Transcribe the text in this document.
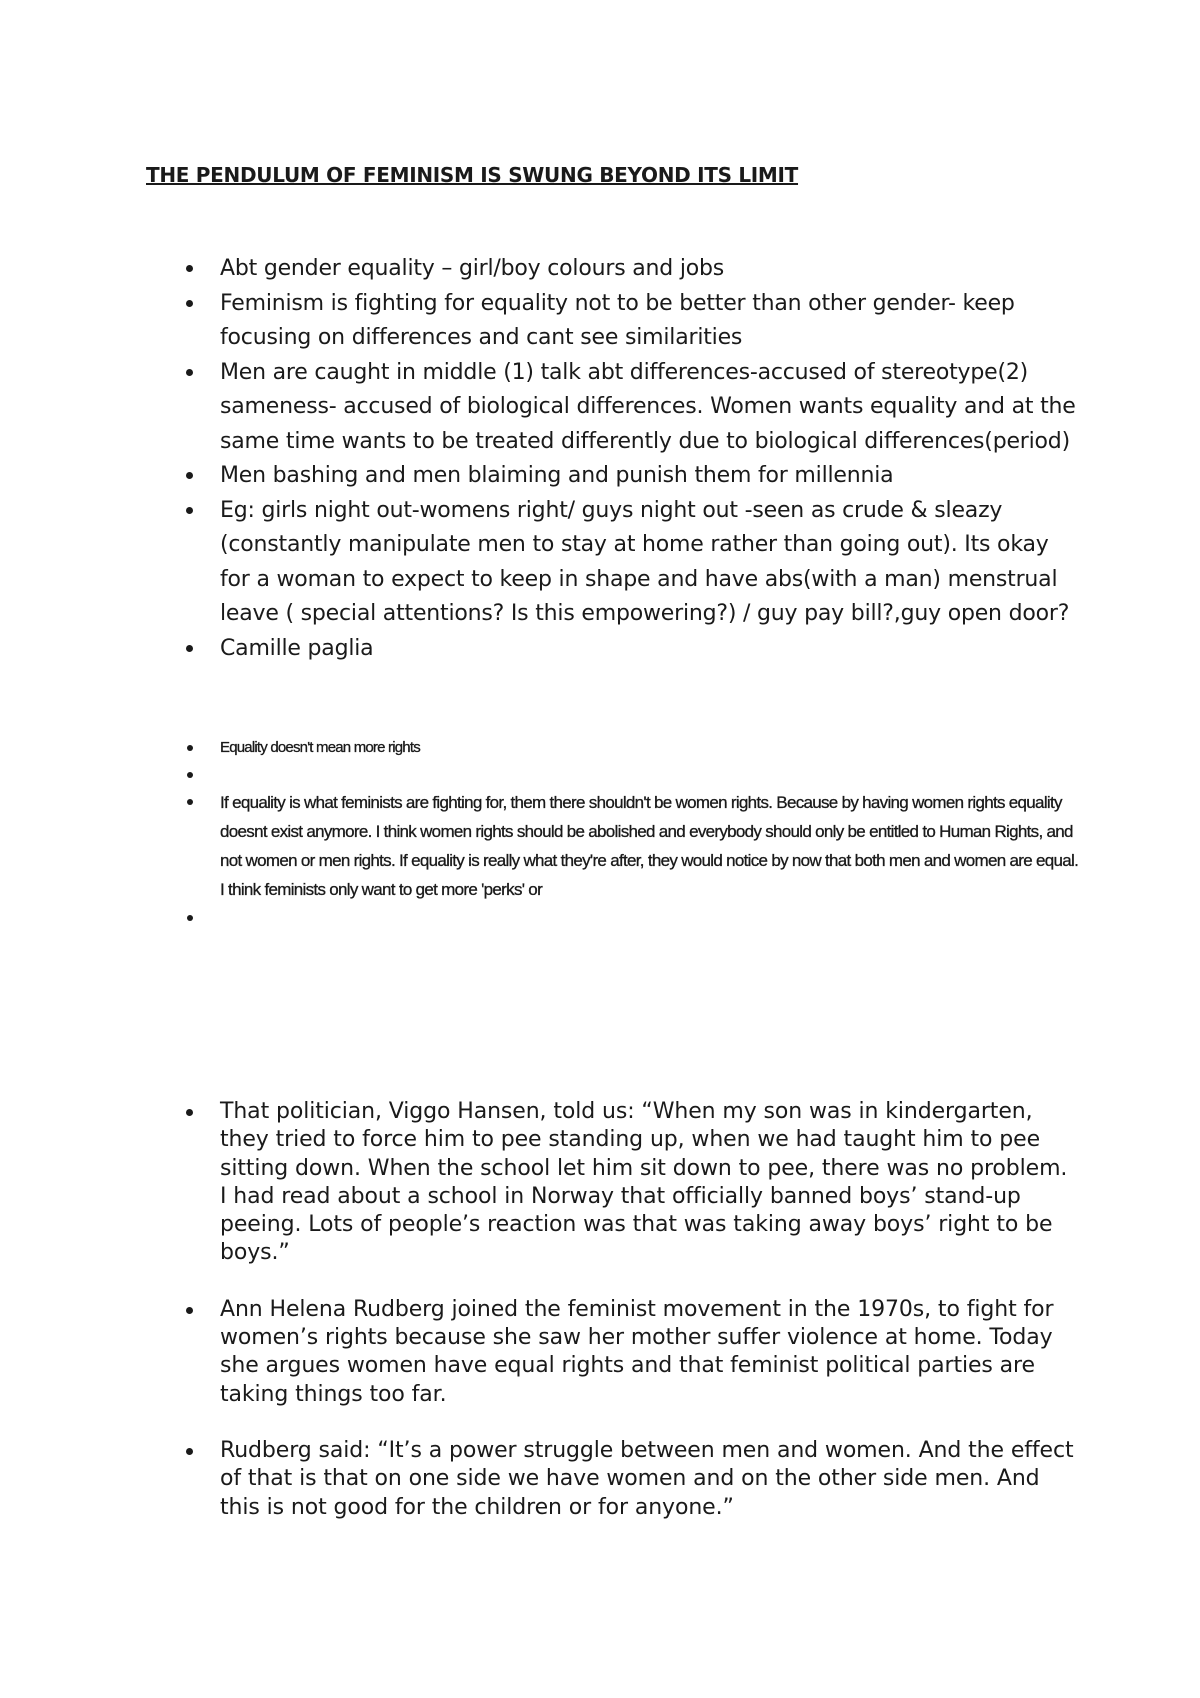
THE PENDULUM OF FEMINISM IS SWUNG BEYOND ITS LIMIT
Abt gender equality – girl/boy colours and jobs
Feminism is fighting for equality not to be better than other gender- keep focusing on differences and cant see similarities
Men are caught in middle (1) talk abt differences-accused of stereotype(2) sameness- accused of biological differences. Women wants equality and at the same time wants to be treated differently due to biological differences(period)
Men bashing and men blaiming and punish them for millennia
Eg: girls night out-womens right/ guys night out -seen as crude & sleazy (constantly manipulate men to stay at home rather than going out). Its okay for a woman to expect to keep in shape and have abs(with a man) menstrual leave ( special attentions? Is this empowering?) / guy pay bill?,guy open door?
Camille paglia
Equality doesn't mean more rights
If equality is what feminists are fighting for, them there shouldn't be women rights. Because by having women rights equality doesnt exist anymore. I think women rights should be abolished and everybody should only be entitled to Human Rights, and not women or men rights. If equality is really what they're after, they would notice by now that both men and women are equal. I think feminists only want to get more 'perks' or
That politician, Viggo Hansen, told us: “When my son was in kindergarten, they tried to force him to pee standing up, when we had taught him to pee sitting down. When the school let him sit down to pee, there was no problem. I had read about a school in Norway that officially banned boys’ stand-up peeing. Lots of people’s reaction was that was taking away boys’ right to be boys.”
Ann Helena Rudberg joined the feminist movement in the 1970s, to fight for women’s rights because she saw her mother suffer violence at home. Today she argues women have equal rights and that feminist political parties are taking things too far.
Rudberg said: “It’s a power struggle between men and women. And the effect of that is that on one side we have women and on the other side men. And this is not good for the children or for anyone.”
